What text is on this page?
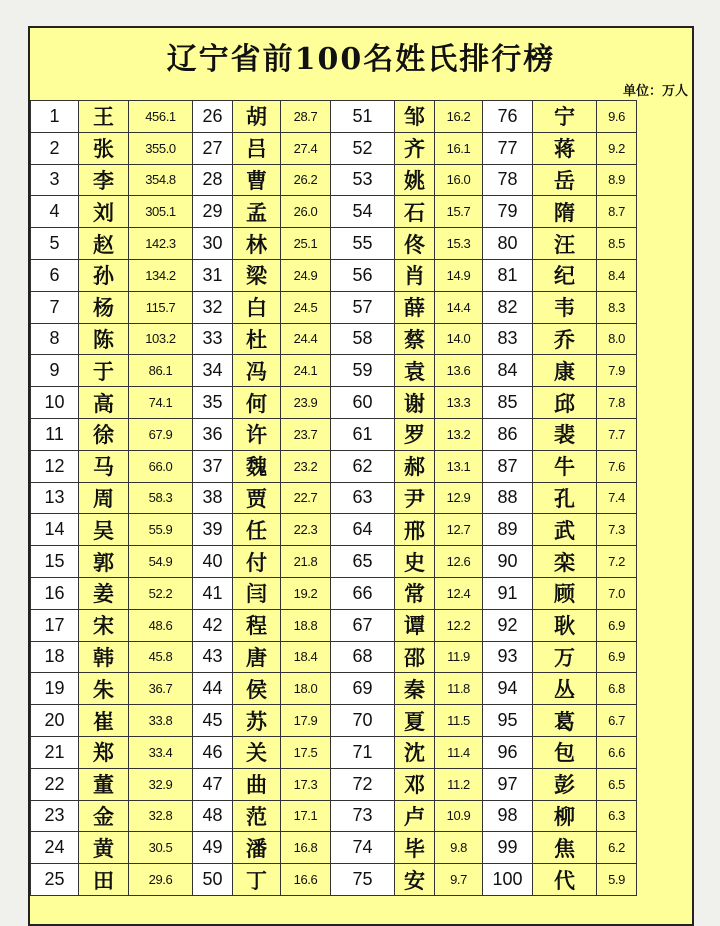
辽宁省前100名姓氏排行榜
单位：万人
1	王	456.1	26	胡	28.7	51	邹	16.2	76	宁	9.6
2	张	355.0	27	吕	27.4	52	齐	16.1	77	蒋	9.2
3	李	354.8	28	曹	26.2	53	姚	16.0	78	岳	8.9
4	刘	305.1	29	孟	26.0	54	石	15.7	79	隋	8.7
5	赵	142.3	30	林	25.1	55	佟	15.3	80	汪	8.5
6	孙	134.2	31	梁	24.9	56	肖	14.9	81	纪	8.4
7	杨	115.7	32	白	24.5	57	薛	14.4	82	韦	8.3
8	陈	103.2	33	杜	24.4	58	蔡	14.0	83	乔	8.0
9	于	86.1	34	冯	24.1	59	袁	13.6	84	康	7.9
10	高	74.1	35	何	23.9	60	谢	13.3	85	邱	7.8
11	徐	67.9	36	许	23.7	61	罗	13.2	86	裴	7.7
12	马	66.0	37	魏	23.2	62	郝	13.1	87	牛	7.6
13	周	58.3	38	贾	22.7	63	尹	12.9	88	孔	7.4
14	吴	55.9	39	任	22.3	64	邢	12.7	89	武	7.3
15	郭	54.9	40	付	21.8	65	史	12.6	90	栾	7.2
16	姜	52.2	41	闫	19.2	66	常	12.4	91	顾	7.0
17	宋	48.6	42	程	18.8	67	谭	12.2	92	耿	6.9
18	韩	45.8	43	唐	18.4	68	邵	11.9	93	万	6.9
19	朱	36.7	44	侯	18.0	69	秦	11.8	94	丛	6.8
20	崔	33.8	45	苏	17.9	70	夏	11.5	95	葛	6.7
21	郑	33.4	46	关	17.5	71	沈	11.4	96	包	6.6
22	董	32.9	47	曲	17.3	72	邓	11.2	97	彭	6.5
23	金	32.8	48	范	17.1	73	卢	10.9	98	柳	6.3
24	黄	30.5	49	潘	16.8	74	毕	9.8	99	焦	6.2
25	田	29.6	50	丁	16.6	75	安	9.7	100	代	5.9
